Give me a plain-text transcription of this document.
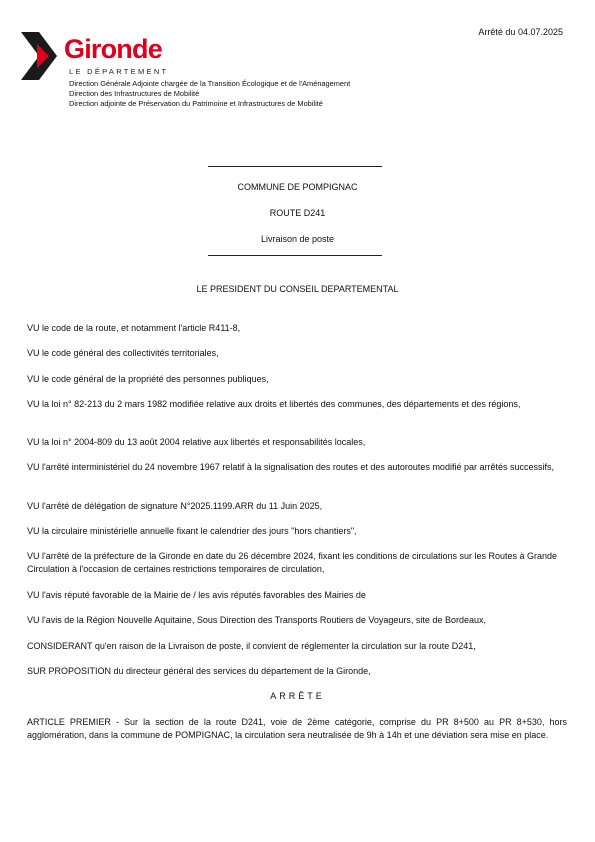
Arrêté du 04.07.2025
Gironde
LE DÉPARTEMENT
Direction Générale Adjointe chargée de la Transition Écologique et de l'Aménagement
Direction des Infrastructures de Mobilité
Direction adjointe de Préservation du Patrimoine et Infrastructures de Mobilité
COMMUNE DE POMPIGNAC
ROUTE D241
Livraison de poste
LE PRESIDENT DU CONSEIL DEPARTEMENTAL
VU le code de la route, et notamment l'article R411-8,
VU le code général des collectivités territoriales,
VU le code général de la propriété des personnes publiques,
VU la loi n° 82-213 du 2 mars 1982 modifiée relative aux droits et libertés des communes, des départements et des régions,
VU la loi n° 2004-809 du 13 août 2004 relative aux libertés et responsabilités locales,
VU l'arrêté interministériel du 24 novembre 1967 relatif à la signalisation des routes et des autoroutes modifié par arrêtés successifs,
VU l'arrêté de délégation de signature N°2025.1199.ARR du 11 Juin 2025,
VU la circulaire ministérielle annuelle fixant le calendrier des jours "hors chantiers",
VU l'arrêté de la préfecture de la Gironde en date du 26 décembre 2024, fixant les conditions de circulations sur les Routes à Grande Circulation à l'occasion de certaines restrictions temporaires de circulation,
VU l'avis réputé favorable de la Mairie de / les avis réputés favorables des Mairies de
VU l'avis de la Région Nouvelle Aquitaine, Sous Direction des Transports Routiers de Voyageurs, site de Bordeaux,
CONSIDERANT qu'en raison de la Livraison de poste, il convient de réglementer la circulation sur la route D241,
SUR PROPOSITION du directeur général des services du département de la Gironde,
ARRÊTE
ARTICLE PREMIER - Sur la section de la route D241, voie de 2ème catégorie, comprise du PR 8+500 au PR 8+530, hors agglomération, dans la commune de POMPIGNAC, la circulation sera neutralisée de 9h à 14h et une déviation sera mise en place.
